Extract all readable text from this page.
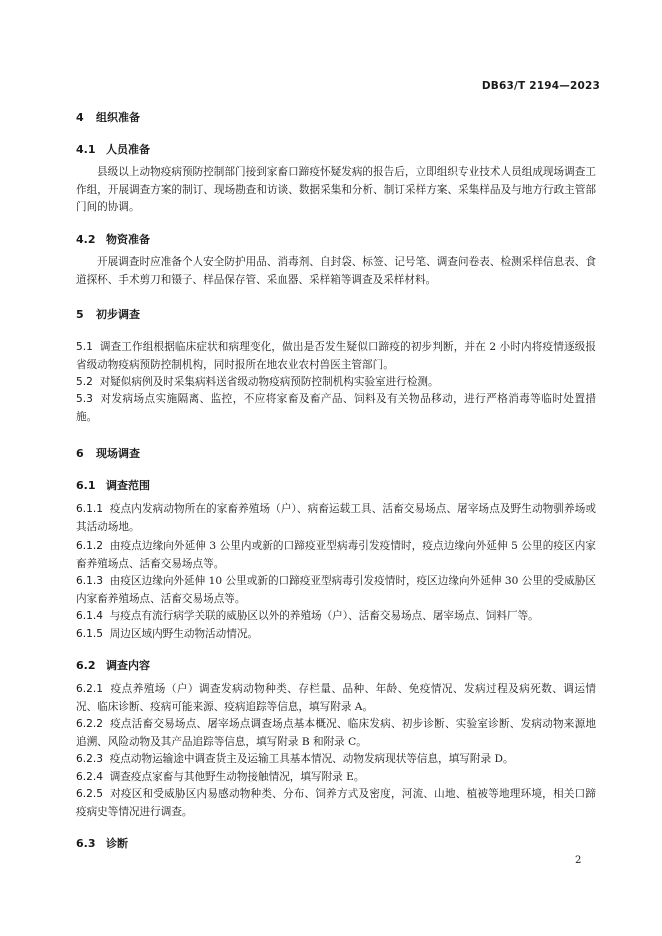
DB63/T 2194—2023
4 组织准备
4.1 人员准备
县级以上动物疫病预防控制部门接到家畜口蹄疫怀疑发病的报告后，立即组织专业技术人员组成现场调查工作组，开展调查方案的制订、现场勘查和访谈、数据采集和分析、制订采样方案、采集样品及与地方行政主管部门间的协调。
4.2 物资准备
开展调查时应准备个人安全防护用品、消毒剂、自封袋、标签、记号笔、调查问卷表、检测采样信息表、食道探杯、手术剪刀和镊子、样品保存管、采血器、采样箱等调查及采样材料。
5 初步调查
5.1 调查工作组根据临床症状和病理变化，做出是否发生疑似口蹄疫的初步判断，并在 2 小时内将疫情逐级报省级动物疫病预防控制机构，同时报所在地农业农村兽医主管部门。
5.2 对疑似病例及时采集病料送省级动物疫病预防控制机构实验室进行检测。
5.3 对发病场点实施隔离、监控，不应将家畜及畜产品、饲料及有关物品移动，进行严格消毒等临时处置措施。
6 现场调查
6.1 调查范围
6.1.1 疫点内发病动物所在的家畜养殖场（户）、病畜运载工具、活畜交易场点、屠宰场点及野生动物驯养场或其活动场地。
6.1.2 由疫点边缘向外延伸 3 公里内或新的口蹄疫亚型病毒引发疫情时，疫点边缘向外延伸 5 公里的疫区内家畜养殖场点、活畜交易场点等。
6.1.3 由疫区边缘向外延伸 10 公里或新的口蹄疫亚型病毒引发疫情时，疫区边缘向外延伸 30 公里的受威胁区内家畜养殖场点、活畜交易场点等。
6.1.4 与疫点有流行病学关联的威胁区以外的养殖场（户）、活畜交易场点、屠宰场点、饲料厂等。
6.1.5 周边区域内野生动物活动情况。
6.2 调查内容
6.2.1 疫点养殖场（户）调查发病动物种类、存栏量、品种、年龄、免疫情况、发病过程及病死数、调运情况、临床诊断、疫病可能来源、疫病追踪等信息，填写附录 A。
6.2.2 疫点活畜交易场点、屠宰场点调查场点基本概况、临床发病、初步诊断、实验室诊断、发病动物来源地追溯、风险动物及其产品追踪等信息，填写附录 B 和附录 C。
6.2.3 疫点动物运输途中调查货主及运输工具基本情况、动物发病现状等信息，填写附录 D。
6.2.4 调查疫点家畜与其他野生动物接触情况，填写附录 E。
6.2.5 对疫区和受威胁区内易感动物种类、分布、饲养方式及密度，河流、山地、植被等地理环境，相关口蹄疫病史等情况进行调查。
6.3 诊断
2
